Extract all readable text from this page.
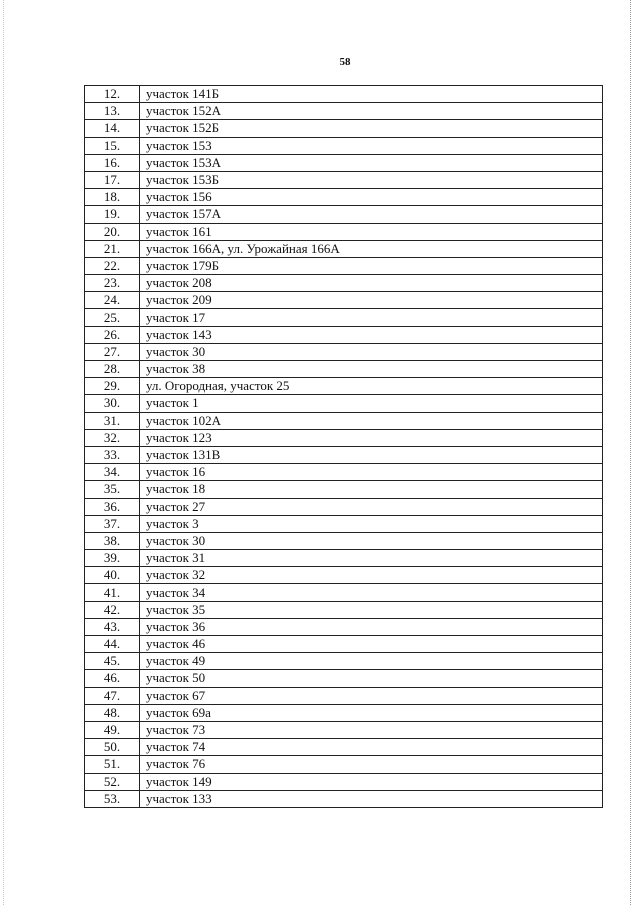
58
12.	участок 141Б
13.	участок 152А
14.	участок 152Б
15.	участок 153
16.	участок 153А
17.	участок 153Б
18.	участок 156
19.	участок 157А
20.	участок 161
21.	участок 166А, ул. Урожайная 166А
22.	участок 179Б
23.	участок 208
24.	участок 209
25.	участок 17
26.	участок 143
27.	участок 30
28.	участок 38
29.	ул. Огородная, участок 25
30.	участок 1
31.	участок 102А
32.	участок 123
33.	участок 131В
34.	участок 16
35.	участок 18
36.	участок 27
37.	участок 3
38.	участок 30
39.	участок 31
40.	участок 32
41.	участок 34
42.	участок 35
43.	участок 36
44.	участок 46
45.	участок 49
46.	участок 50
47.	участок 67
48.	участок 69а
49.	участок 73
50.	участок 74
51.	участок 76
52.	участок 149
53.	участок 133
